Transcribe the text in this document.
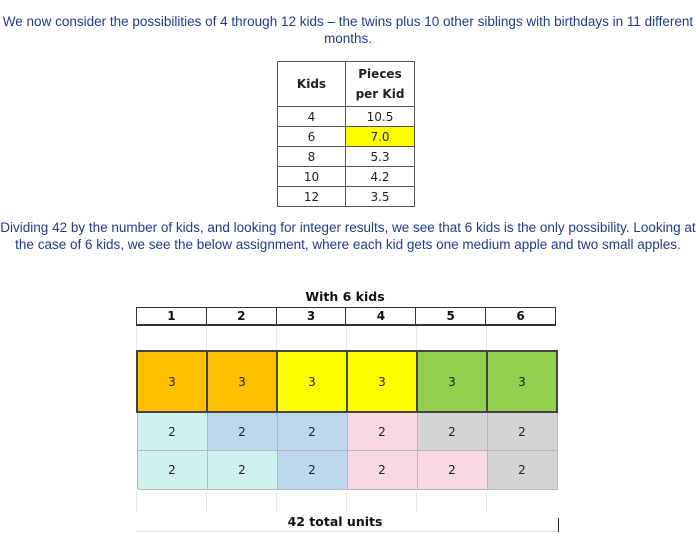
We now consider the possibilities of 4 through 12 kids – the twins plus 10 other siblings with birthdays in 11 different months.
Kids	Pieces per Kid
4	10.5
6	7.0
8	5.3
10	4.2
12	3.5
Dividing 42 by the number of kids, and looking for integer results, we see that 6 kids is the only possibility. Looking at the case of 6 kids, we see the below assignment, where each kid gets one medium apple and two small apples.
With 6 kids
1	2	3	4	5	6
3	3	3	3	3	3
2	2	2	2	2	2
2	2	2	2	2	2
42 total units
